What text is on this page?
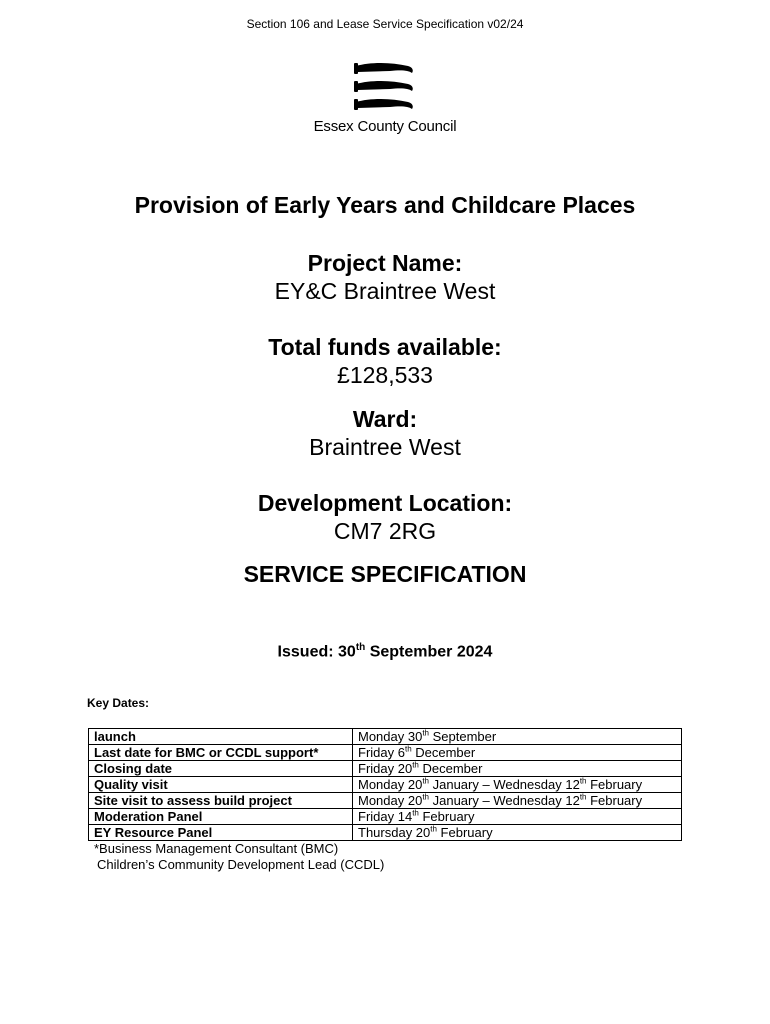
Section 106 and Lease Service Specification v02/24
Essex County Council
Provision of Early Years and Childcare Places
Project Name:
EY&C Braintree West
Total funds available:
£128,533
Ward:
Braintree West
Development Location:
CM7 2RG
SERVICE SPECIFICATION
Issued: 30th September 2024
Key Dates:
launch	Monday 30th September
Last date for BMC or CCDL support*	Friday 6th December
Closing date	Friday 20th December
Quality visit	Monday 20th January – Wednesday 12th February
Site visit to assess build project	Monday 20th January – Wednesday 12th February
Moderation Panel	Friday 14th February
EY Resource Panel	Thursday 20th February
*Business Management Consultant (BMC)
Children’s Community Development Lead (CCDL)
